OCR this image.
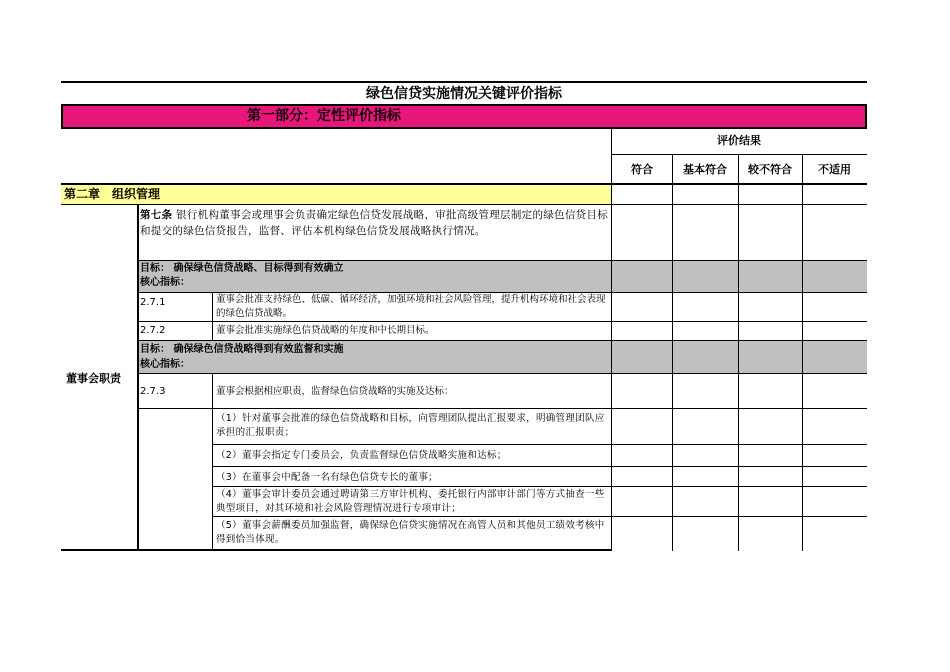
绿色信贷实施情况关键评价指标
第一部分：定性评价指标
评价结果
符合	基本符合	较不符合	不适用
第二章　组织管理
董事会职责
第七条 银行机构董事会或理事会负责确定绿色信贷发展战略，审批高级管理层制定的绿色信贷目标和提交的绿色信贷报告，监督、评估本机构绿色信贷发展战略执行情况。
目标： 确保绿色信贷战略、目标得到有效确立
核心指标：
2.7.1	董事会批准支持绿色、低碳、循环经济，加强环境和社会风险管理，提升机构环境和社会表现的绿色信贷战略。
2.7.2	董事会批准实施绿色信贷战略的年度和中长期目标。
目标： 确保绿色信贷战略得到有效监督和实施
核心指标：
2.7.3	董事会根据相应职责，监督绿色信贷战略的实施及达标：
（1）针对董事会批准的绿色信贷战略和目标，向管理团队提出汇报要求，明确管理团队应承担的汇报职责；
（2）董事会指定专门委员会，负责监督绿色信贷战略实施和达标；
（3）在董事会中配备一名有绿色信贷专长的董事；
（4）董事会审计委员会通过聘请第三方审计机构、委托银行内部审计部门等方式抽查一些典型项目，对其环境和社会风险管理情况进行专项审计；
（5）董事会薪酬委员加强监督，确保绿色信贷实施情况在高管人员和其他员工绩效考核中得到恰当体现。
